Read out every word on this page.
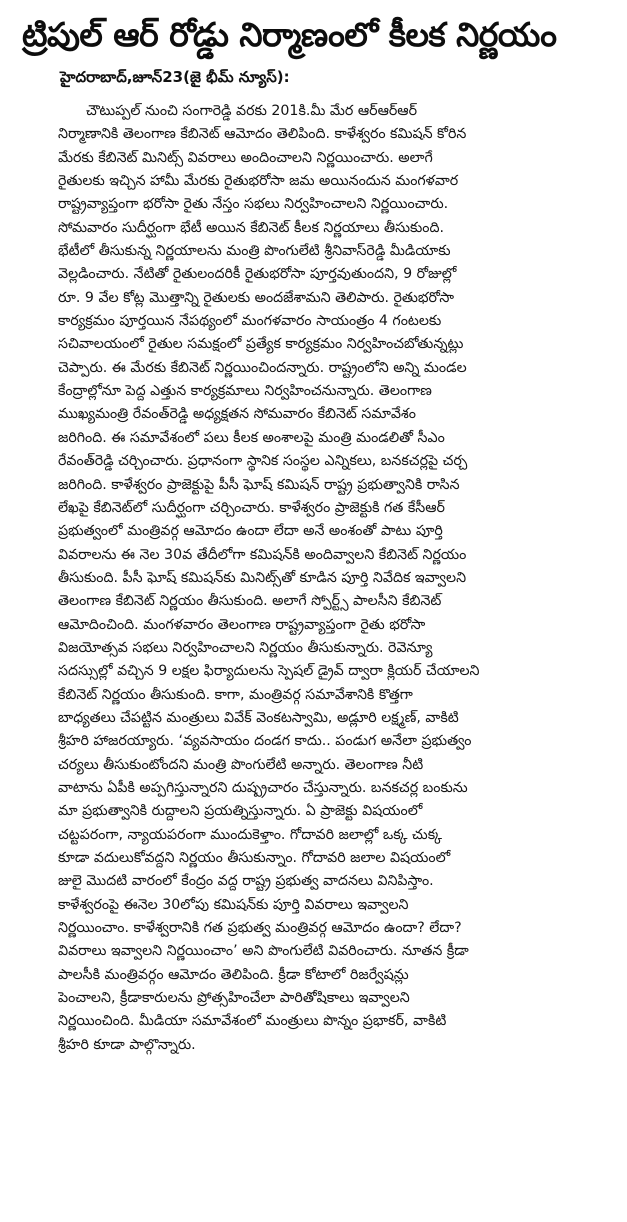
ట్రిపుల్ ఆర్ రోడ్డు నిర్మాణంలో కీలక నిర్ణయం

హైదరాబాద్,జూన్23(జై భీమ్ న్యూస్):

చౌటుప్పల్ నుంచి సంగారెడ్డి వరకు 201కి.మీ మేర ఆర్ఆర్ఆర్
నిర్మాణానికి తెలంగాణ కేబినెట్ ఆమోదం తెలిపింది. కాళేశ్వరం కమిషన్ కోరిన
మేరకు కేబినెట్ మినిట్స్ వివరాలు అందించాలని నిర్ణయించారు. అలాగే
రైతులకు ఇచ్చిన హామీ మేరకు రైతుభరోసా జమ అయినందున మంగళవార
రాష్ట్రవ్యాప్తంగా భరోసా రైతు నేస్తం సభలు నిర్వహించాలని నిర్ణయించారు.
సోమవారం సుదీర్ఘంగా భేటీ అయిన కేబినెట్ కీలక నిర్ణయాలు తీసుకుంది.
భేటీలో తీసుకున్న నిర్ణయాలను మంత్రి పొంగులేటి శ్రీనివాస్‌రెడ్డి మీడియాకు
వెల్లడించారు. నేటితో రైతులందరికీ రైతుభరోసా పూర్తవుతుందని, 9 రోజుల్లో
రూ. 9 వేల కోట్ల మొత్తాన్ని రైతులకు అందజేశామని తెలిపారు. రైతుభరోసా
కార్యక్రమం పూర్తయిన నేపథ్యంలో మంగళవారం సాయంత్రం 4 గంటలకు
సచివాలయంలో రైతుల సమక్షంలో ప్రత్యేక కార్యక్రమం నిర్వహించబోతున్నట్లు
చెప్పారు. ఈ మేరకు కేబినెట్ నిర్ణయించిందన్నారు. రాష్ట్రంలోని అన్ని మండల
కేంద్రాల్లోనూ పెద్ద ఎత్తున కార్యక్రమాలు నిర్వహించనున్నారు. తెలంగాణ
ముఖ్యమంత్రి రేవంత్‌రెడ్డి అధ్యక్షతన సోమవారం కేబినెట్ సమావేశం
జరిగింది. ఈ సమావేశంలో పలు కీలక అంశాలపై మంత్రి మండలితో సీఎం
రేవంత్‌రెడ్డి చర్చించారు. ప్రధానంగా స్థానిక సంస్థల ఎన్నికలు, బనకచర్లపై చర్చ
జరిగింది. కాళేశ్వరం ప్రాజెక్టుపై పీసీ ఘోష్ కమిషన్ రాష్ట్ర ప్రభుత్వానికి రాసిన
లేఖపై కేబినెట్‌లో సుదీర్ఘంగా చర్చించారు. కాళేశ్వరం ప్రాజెక్టుకి గత కేసీఆర్
ప్రభుత్వంలో మంత్రివర్గ ఆమోదం ఉందా లేదా అనే అంశంతో పాటు పూర్తి
వివరాలను ఈ నెల 30వ తేదీలోగా కమిషన్‌కి అందివ్వాలని కేబినెట్ నిర్ణయం
తీసుకుంది. పీసీ ఘోష్ కమిషన్‌కు మినిట్స్‌తో కూడిన పూర్తి నివేదిక ఇవ్వాలని
తెలంగాణ కేబినెట్ నిర్ణయం తీసుకుంది. అలాగే స్పోర్ట్స్ పాలసీని కేబినెట్
ఆమోదించింది. మంగళవారం తెలంగాణ రాష్ట్రవ్యాప్తంగా రైతు భరోసా
విజయోత్సవ సభలు నిర్వహించాలని నిర్ణయం తీసుకున్నారు. రెవెన్యూ
సదస్సుల్లో వచ్చిన 9 లక్షల ఫిర్యాదులను స్పెషల్ డ్రైవ్ ద్వారా క్లియర్ చేయాలని
కేబినెట్ నిర్ణయం తీసుకుంది. కాగా, మంత్రివర్గ సమావేశానికి కొత్తగా
బాధ్యతలు చేపట్టిన మంత్రులు వివేక్ వెంకటస్వామి, అడ్లూరి లక్ష్మణ్, వాకిటి
శ్రీహరి హాజరయ్యారు. ‘వ్యవసాయం దండగ కాదు.. పండుగ అనేలా ప్రభుత్వం
చర్యలు తీసుకుంటోందని మంత్రి పొంగులేటి అన్నారు. తెలంగాణ నీటి
వాటాను ఏపీకి అప్పగిస్తున్నారని దుష్ప్రచారం చేస్తున్నారు. బనకచర్ల బంకును
మా ప్రభుత్వానికి రుద్దాలని ప్రయత్నిస్తున్నారు. ఏ ప్రాజెక్టు విషయంలో
చట్టపరంగా, న్యాయపరంగా ముందుకెళ్తాం. గోదావరి జలాల్లో ఒక్క చుక్క
కూడా వదులుకోవద్దని నిర్ణయం తీసుకున్నాం. గోదావరి జలాల విషయంలో
జులై మొదటి వారంలో కేంద్రం వద్ద రాష్ట్ర ప్రభుత్వ వాదనలు వినిపిస్తాం.
కాళేశ్వరంపై ఈనెల 30లోపు కమిషన్‌కు పూర్తి వివరాలు ఇవ్వాలని
నిర్ణయించాం. కాళేశ్వరానికి గత ప్రభుత్వ మంత్రివర్గ ఆమోదం ఉందా? లేదా?
వివరాలు ఇవ్వాలని నిర్ణయించాం’ అని పొంగులేటి వివరించారు. నూతన క్రీడా
పాలసీకి మంత్రివర్గం ఆమోదం తెలిపింది. క్రీడా కోటాలో రిజర్వేషన్లు
పెంచాలని, క్రీడాకారులను ప్రోత్సహించేలా పారితోషికాలు ఇవ్వాలని
నిర్ణయించింది. మీడియా సమావేశంలో మంత్రులు పొన్నం ప్రభాకర్, వాకిటి
శ్రీహరి కూడా పాల్గొన్నారు.
